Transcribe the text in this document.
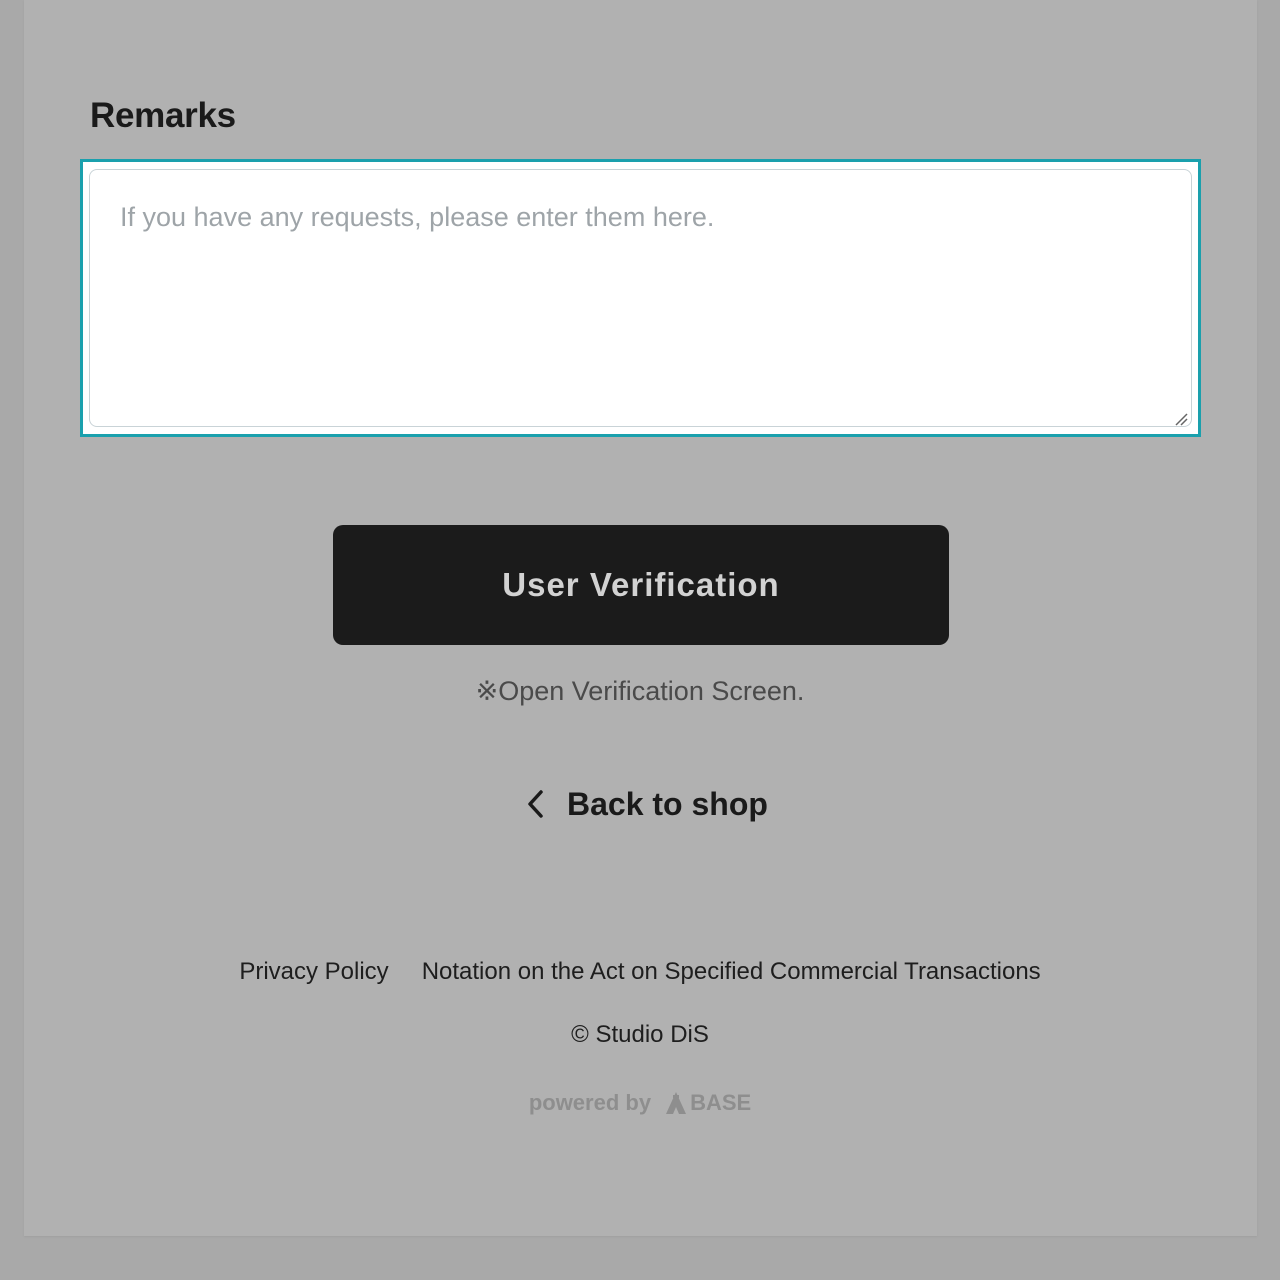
Remarks
If you have any requests, please enter them here.
User Verification
※Open Verification Screen.
Back to shop
Privacy Policy Notation on the Act on Specified Commercial Transactions
© Studio DiS
powered by BASE
